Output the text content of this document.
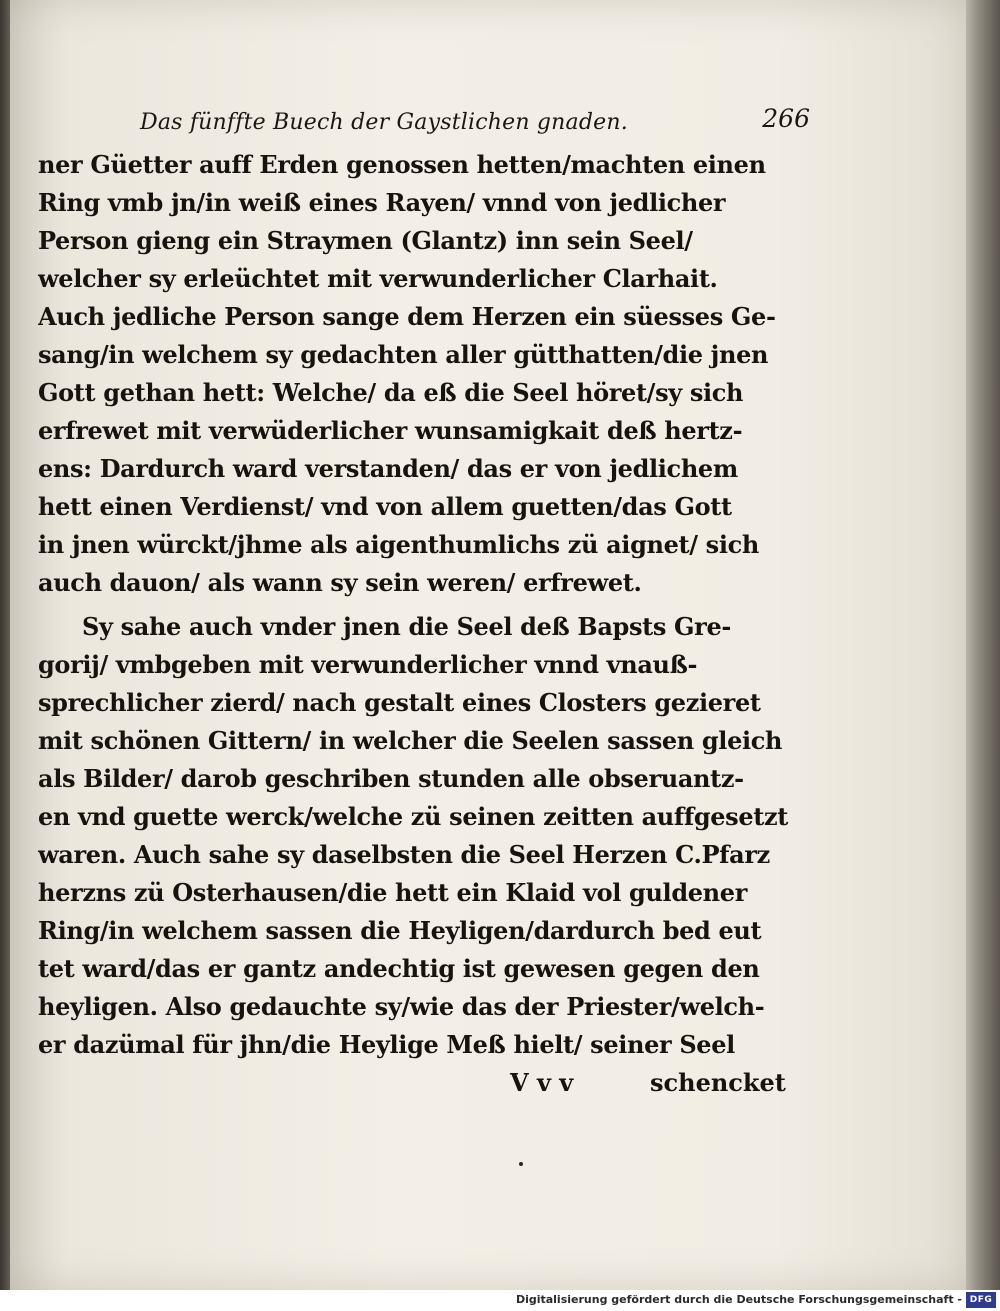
Das fünffte Buech der Gaystlichen gnaden.	266
ner Güetter auff Erden genossen hetten/machten einen
Ring vmb jn/in weiß eines Rayen/ vnnd von jedlicher
Person gieng ein Straymen (Glantz) inn sein Seel/
welcher sy erleüchtet mit verwunderlicher Clarhait.
Auch jedliche Person sange dem Herzen ein süesses Ge-
sang/in welchem sy gedachten aller gütthatten/die jnen
Gott gethan hett: Welche/ da eß die Seel höret/sy sich
erfrewet mit verwüderlicher wunsamigkait deß hertz-
ens: Dardurch ward verstanden/ das er von jedlichem
hett einen Verdienst/ vnd von allem guetten/das Gott
in jnen würckt/jhme als aigenthumlichs zü aignet/ sich
auch dauon/ als wann sy sein weren/ erfrewet.
Sy sahe auch vnder jnen die Seel deß Bapsts Gre-
gorij/ vmbgeben mit verwunderlicher vnnd vnauß-
sprechlicher zierd/ nach gestalt eines Closters gezieret
mit schönen Gittern/ in welcher die Seelen sassen gleich
als Bilder/ darob geschriben stunden alle obseruantz-
en vnd guette werck/welche zü seinen zeitten auffgesetzt
waren. Auch sahe sy daselbsten die Seel Herzen C.Pfarz
herzns zü Osterhausen/die hett ein Klaid vol guldener
Ring/in welchem sassen die Heyligen/dardurch bed eut
tet ward/das er gantz andechtig ist gewesen gegen den
heyligen. Also gedauchte sy/wie das der Priester/welch-
er dazümal für jhn/die Heylige Meß hielt/ seiner Seel
V v v	schencket
Digitalisierung gefördert durch die Deutsche Forschungsgemeinschaft - DFG
